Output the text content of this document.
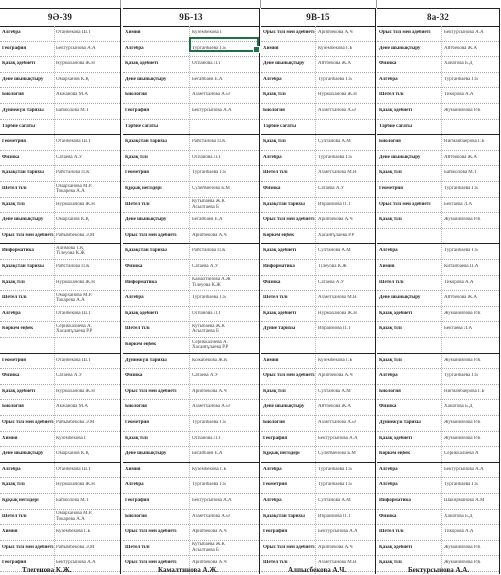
9Ә-39
Алгебра	Отанбекова Ш.Т
География	Бектурсынова А.А
Қазақ әдебиеті	Нурмаханова Ж.Н
Дене шынықтыру	Омарханов К.Қ
Биология	Акжанова М.А
Дүниежүзі тарихы	Байжолова М.Т
Тәрбие сағаты
Геометрия	Отанбекова Ш.Т
Физика	Сатаева А.У
Қазақстан тарихы	Райстанова П.К
Шетел тілі	Омарханова М.Р.
Токарева А.А
Қазақ тілі	Нурмаханова Ж.Н
Дене шынықтыру	Омарханов К.Қ
Орыс тілі мен әдебиеті Райымбекова Э.М
Информатика	Алимова Т.Қ
Тілеуова К.Ж
Қазақстан тарихы	Райстанова П.К
Қазақ тілі	Нурмаханова Ж.Н
Шетел тілі	Омарханова М.Р.
Токарева А.А
Алгебра	Отанбекова Ш.Т
Көркем еңбек	Сериккалиева А.
Хасанғұлаева Р.Р
Геометрия	Отанбекова Ш.Т
Физика	Сатаева А.У
Қазақ әдебиеті	Нурмаханова Ж.Н
Биология	Акжанова М.А
Орыс тілі мен әдебиеті Райымбекова Э.М
Химия	Кузембекова Г
Дене шынықтыру	Омарханов К.Қ
Алгебра	Отанбекова Ш.Т
Қазақ тілі	Нурмаханова Ж.Н
Құқық негіздері	Байжолова М.Т
Шетел тілі	Омарханова М.Р.
Токарева А.А
Химия	Кузембекова Г.Б
Орыс тілі мен әдебиеті Райымбекова Э.М
География	Бектурсынова А.А
9Б-13
Химия	Кузембекова Г
Алгебра	Турганбаева Г.Б
Қазақ әдебиеті	Оспанова Л.Т
Дене шынықтыру	Бегайбаев Е.А
Биология	Ахметханова А.Ә
География	Бектурсынова А.А
Тәрбие сағаты
Қазақстан тарихы	Райстанова П.К
Қазақ тілі	Оспанова Л.Т
Геометрия	Турганбаева Г.Б
Құқық негіздері	Сулейменова Б.М
Шетел тілі	Кутыбаева Ж.К
Асылтаева Б
Дене шынықтыру	Бегайбаев Е.А
Орыс тілі мен әдебиеті	Арипбекова А.Ч
Қазақстан тарихы	Райстанова П.К
Физика	Сатаева А.У
Информатика	Камалтинова А.Ж
Тілеуова К.Ж
Алгебра	Турганбаева Г.Б
Қазақ әдебиеті	Оспанова Л.Т
Шетел тілі	Кутыбаева Ж.К
Асылтаева Б
Көркем еңбек	Сериккалиева А.
Хасанғұлаева Р.Р
Дүниежүзі тарихы	Кожабекова Ж.К
Физика	Сатаева А.У
Орыс тілі мен әдебиеті	Арипбекова А.Ч
Биология	Ахметханова А.Ә
Геометрия	Турганбаева Г.Б
Қазақ тілі	Оспанова Л.Т
Дене шынықтыру	Бегайбаев Е.А
Химия	Кузембекова Г.Б
Алгебра	Турганбаева Г.Б
География	Бектурсынова А.А
Биология	Ахметханова А.Ә
Орыс тілі мен әдебиеті	Арипбекова А.Ч
Шетел тілі	Кутыбаева Ж.К
Асылтаева Б
Орыс тілі мен әдебиеті	Арипбекова А.Ч
9В-15
Орыс тілі мен әдебиеті Арипбекова А.Ч
Химия	Кузембекова Г.Б
Дене шынықтыру	Айтбекова Ж.А
Алгебра	Турганбаева Г.Б
Қазақ тілі	Нурмаханова Ж.Н
Биология	Ахметханова А.Ә
Тәрбие сағаты
Қазақ тілі	Султанова А.М
Алгебра	Турганбаева Г.Б
Шетел тілі	Ахметханова М.Н
Физика	Сатаева А.У
Қазақстан тарихы	Ибраимова П.Т
Орыс тілі мен әдебиеті Арипбекова А.Ч
Көркем еңбек	Хасанғұлаева Р.Р
Қазақ әдебиеті	Султанова А.М
Информатика	Тілеуова К.Ж
Физика	Сатаева А.У
Шетел тілі	Ахметханова М.Н
Қазақ әдебиеті	Нурмаханова Ж.Н
Дүние тарихы	Ибраимова П.Т
Химия	Кузембекова Г.Б
Орыс тілі мен әдебиеті Арипбекова А.Ч
Қазақ тілі	Султанова А.М
Дене шынықтыру	Айтбекова Ж.А
Биология	Ахметханова А.Ә
География	Бектурсынова А.А
Құқық негіздері	Сулейменова Б.М
Алгебра	Турганбаева Г.Б
Геометрия	Турганбаева Г.Б
Алгебра	Султанова А.М
Қазақстан тарихы	Ибраимова П.Т
География	Бектурсынова А.А
Орыс тілі мен әдебиеті Арипбекова А.Ч
Шетел тілі	Ахметханова М.Н
8а-32
Орыс тілі мен әдебиеті	Бектурсынова А.А
Дене шынықтыру	Айтбекова Ж.А
Физика	Ханатова Б.Д
Алгебра	Турганбаева Г.Б
Шетел тілі	Тикорова А.А
Қазақ әдебиеті	Жуманиязова Р.К
Тәрбие сағаты
Биология	Нигманбаерова Г.Б
Дене шынықтыру	Айтбекова Ж.А
Қазақ тілі	Байжолова М.Т
Геометрия	Турганбаева Г.Б
Орыс тілі мен әдебиеті	Бектаева Л.А
Қазақ тілі	Жуманиязова Р.К
Алгебра	Турганбаева Г.Б
Химия	Китанбаева П.А
Шетел тілі	Тикорова А.А
Дене шынықтыру	Айтбекова Ж.А
Қазақ әдебиеті	Жуманиязова Р.К
Қазақ тілі	Бектаева Л.А
Қазақ тілі	Жуманиязова Р.К
Алгебра	Турганбаева Г.Б
Биология	Нигманбаерова Г.Б
Физика	Ханатова Б.Д
Дүниежүзі тарихы	Жуманиязова Р.К
Қазақ әдебиеті	Жуманиязова Р.К
Көркем еңбек	Сериккалиева А
Алгебра	Бектурсынова А.А
Алгебра	Турганбаева Г.Б
Информатика	Шакирманова А.М
Физика	Ханатова Б.Д
Шетел тілі	Тикорова А.А
Қазақ әдебиеті	Жуманиязова Р.К
Қазақ тілі	Жуманиязова Р.К
Тлегенова К.Ж.	Камалтинова А.Ж.	Алпысбекова А.Ч.	Бектурсынова А.А.
